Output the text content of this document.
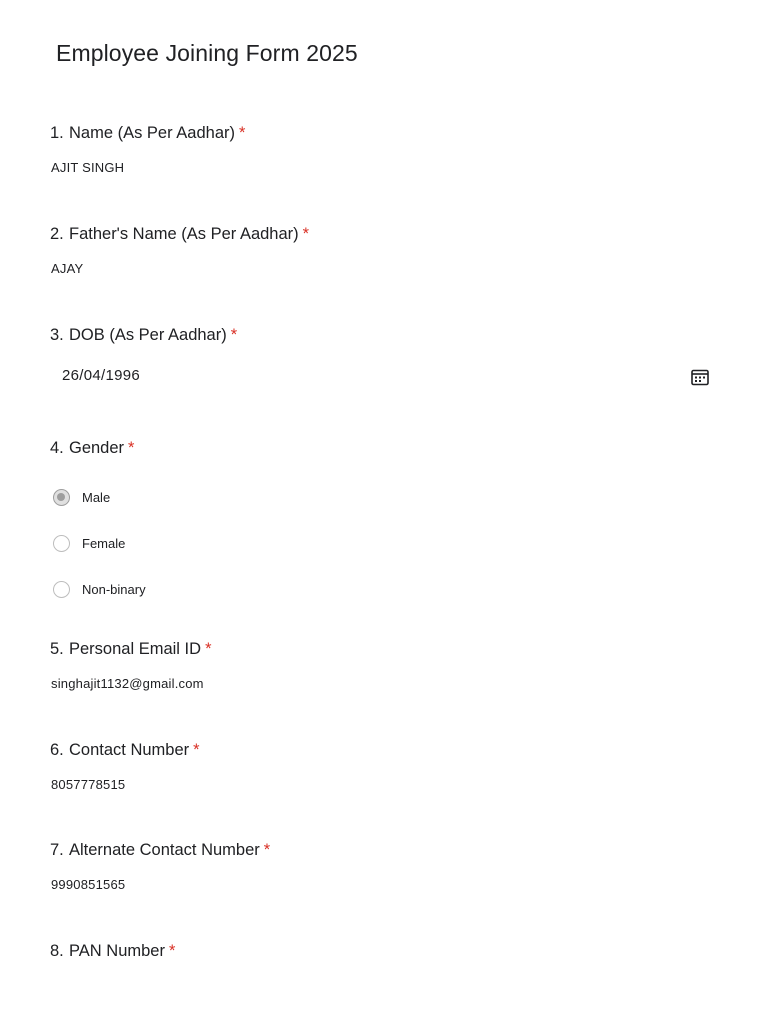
Employee Joining Form 2025
1. Name (As Per Aadhar) *
AJIT SINGH
2. Father's Name (As Per Aadhar) *
AJAY
3. DOB (As Per Aadhar) *
26/04/1996
4. Gender *
Male
Female
Non-binary
5. Personal Email ID *
singhajit1132@gmail.com
6. Contact Number *
8057778515
7. Alternate Contact Number *
9990851565
8. PAN Number *
